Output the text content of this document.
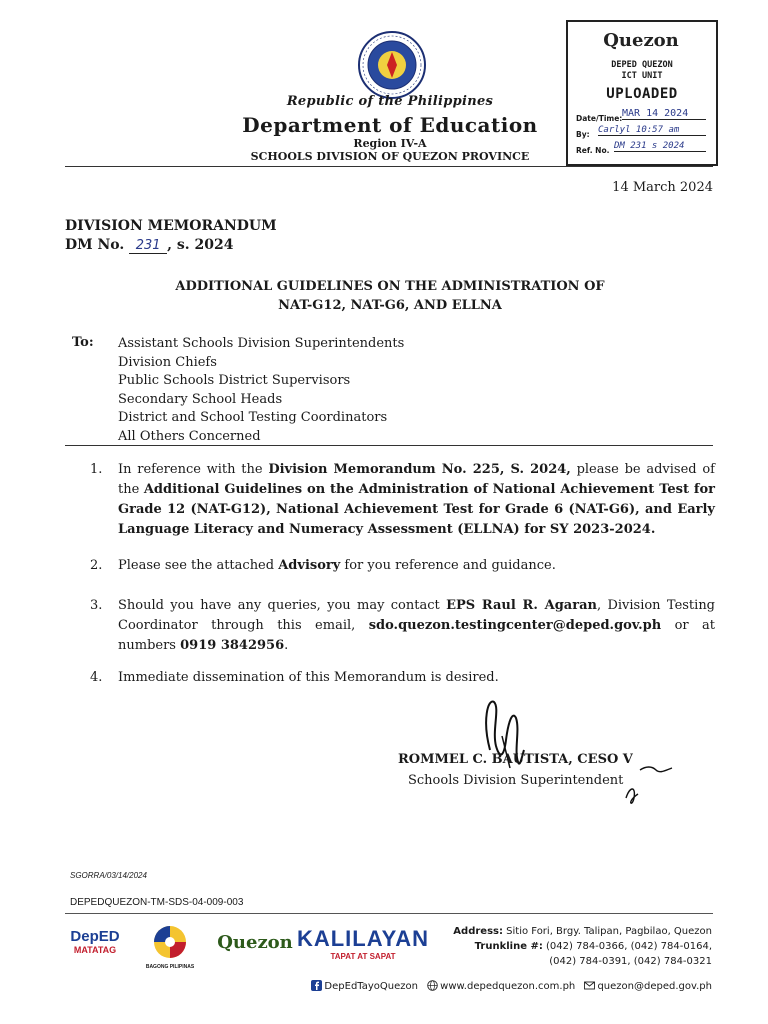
Republic of the Philippines
Department of Education
Region IV-A
SCHOOLS DIVISION OF QUEZON PROVINCE
Quezon
DEPED QUEZON
ICT UNIT
UPLOADED
Date/Time: MAR 14 2024
By: Carlyl 10:57 am
Ref. No. DM 231 s 2024
14 March 2024
DIVISION MEMORANDUM
DM No. 231 , s. 2024
ADDITIONAL GUIDELINES ON THE ADMINISTRATION OF
NAT-G12, NAT-G6, AND ELLNA
To: Assistant Schools Division Superintendents
Division Chiefs
Public Schools District Supervisors
Secondary School Heads
District and School Testing Coordinators
All Others Concerned
1. In reference with the Division Memorandum No. 225, S. 2024, please be advised of the Additional Guidelines on the Administration of National Achievement Test for Grade 12 (NAT-G12), National Achievement Test for Grade 6 (NAT-G6), and Early Language Literacy and Numeracy Assessment (ELLNA) for SY 2023-2024.
2. Please see the attached Advisory for you reference and guidance.
3. Should you have any queries, you may contact EPS Raul R. Agaran, Division Testing Coordinator through this email, sdo.quezon.testingcenter@deped.gov.ph or at numbers 0919 3842956.
4. Immediate dissemination of this Memorandum is desired.
ROMMEL C. BAUTISTA, CESO V
Schools Division Superintendent
SGORRA/03/14/2024
DEPEDQUEZON-TM-SDS-04-009-003
DepED
MATATAG
BAGONG PILIPINAS
Quezon KALILAYAN
TAPAT AT SAPAT
Address: Sitio Fori, Brgy. Talipan, Pagbilao, Quezon
Trunkline #: (042) 784-0366, (042) 784-0164,
(042) 784-0391, (042) 784-0321
DepEdTayoQuezon www.depedquezon.com.ph quezon@deped.gov.ph
